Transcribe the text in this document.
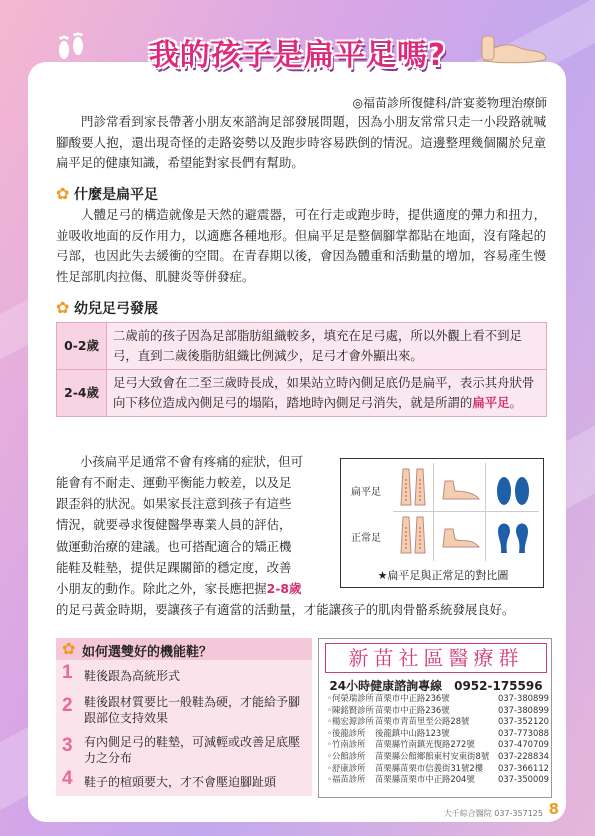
我的孩子是扁平足嗎?
◎福苗診所復健科/許宴菱物理治療師
門診常看到家長帶著小朋友來諮詢足部發展問題，因為小朋友常常只走一小段路就喊腳酸要人抱，還出現奇怪的走路姿勢以及跑步時容易跌倒的情況。這邊整理幾個關於兒童扁平足的健康知識，希望能對家長們有幫助。
✿ 什麼是扁平足
人體足弓的構造就像是天然的避震器，可在行走或跑步時，提供適度的彈力和扭力，並吸收地面的反作用力，以適應各種地形。但扁平足是整個腳掌都貼在地面，沒有隆起的弓部，也因此失去緩衝的空間。在青春期以後，會因為體重和活動量的增加，容易產生慢性足部肌肉拉傷、肌腱炎等併發症。
✿ 幼兒足弓發展
0-2歲	二歲前的孩子因為足部脂肪組織較多，填充在足弓處，所以外觀上看不到足弓，直到二歲後脂肪組織比例減少，足弓才會外顯出來。
2-4歲	足弓大致會在二至三歲時長成，如果站立時內側足底仍是扁平，表示其舟狀骨向下移位造成內側足弓的塌陷，踏地時內側足弓消失，就是所謂的扁平足。
小孩扁平足通常不會有疼痛的症狀，但可
能會有不耐走、運動平衡能力較差，以及足
跟歪斜的狀況。如果家長注意到孩子有這些
情況，就要尋求復健醫學專業人員的評估，
做運動治療的建議。也可搭配適合的矯正機
能鞋及鞋墊，提供足踝關節的穩定度，改善
小朋友的動作。除此之外，家長應把握2-8歲
的足弓黃金時期，要讓孩子有適當的活動量，才能讓孩子的肌肉骨骼系統發展良好。
扁平足
正常足
★扁平足與正常足的對比圖
如何選雙好的機能鞋？
✿
1 鞋後跟為高統形式
2 鞋後跟材質要比一般鞋為硬，才能給予腳跟部位支持效果
3 有內側足弓的鞋墊，可減輕或改善足底壓力之分布
4 鞋子的楦頭要大，才不會壓迫腳趾頭
新苗社區醫療群
24小時健康諮詢專線　0952-175596
◦何榮瑞診所 苗栗市中正路236號	037-380899
◦陳銘賢診所 苗栗市中正路236號	037-380899
◦楊宏源診所 苗栗市青苗里至公路28號	037-352120
◦後龍診所	後龍鎮中山路123號	037-773088
◦竹南診所	苗栗縣竹南鎮光復路272號	037-470709
◦公館診所	苗栗縣公館鄉館東村安東街8號	037-228834
◦舒康診所	苗栗縣苗栗市信義街31號2樓	037-366112
◦福苗診所	苗栗縣苗栗市中正路204號	037-350009
大千綜合醫院 037-357125 8
